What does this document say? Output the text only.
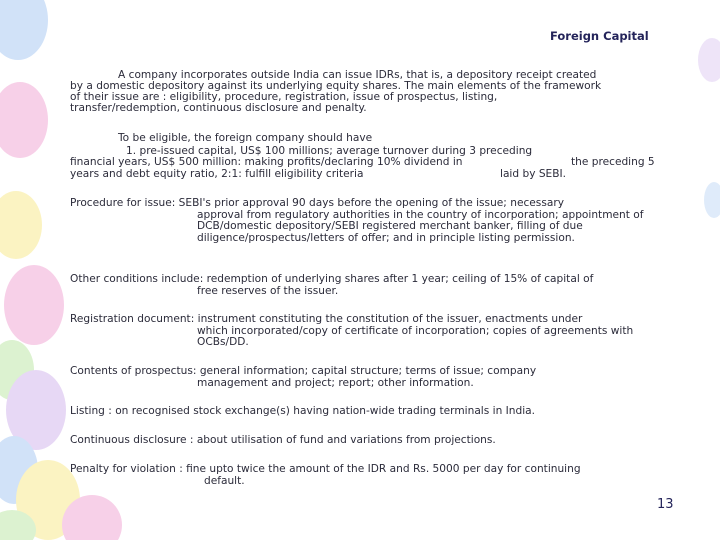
Foreign Capital

A company incorporates outside India can issue IDRs, that is, a depository receipt created

by a domestic depository against its underlying equity shares. The main elements of the framework

of their issue are : eligibility, procedure, registration, issue of prospectus, listing,

transfer/redemption, continuous disclosure and penalty.

To be eligible, the foreign company should have

1. pre-issued capital, US$ 100 millions; average turnover during 3 preceding

financial years, US$ 500 million: making profits/declaring 10% dividend in	the preceding 5

years and debt equity ratio, 2:1: fulfill eligibility criteria	laid by SEBI.

Procedure for issue: SEBI's prior approval 90 days before the opening of the issue; necessary
approval from regulatory authorities in the country of incorporation; appointment of DCB/domestic depository/SEBI registered merchant banker, filling of due diligence/prospectus/letters of offer; and in principle listing permission.
Other conditions include: redemption of underlying shares after 1 year; ceiling of 15% of capital of
free reserves of the issuer.
Registration document: instrument constituting the constitution of the issuer, enactments under
which incorporated/copy of certificate of incorporation; copies of agreements with OCBs/DD.
Contents of prospectus: general information; capital structure; terms of issue; company
management and project; report; other information.

Listing : on recognised stock exchange(s) having nation-wide trading terminals in India.

Continuous disclosure : about utilisation of fund and variations from projections.

Penalty for violation : fine upto twice the amount of the IDR and Rs. 5000 per day for continuing
default.
13
